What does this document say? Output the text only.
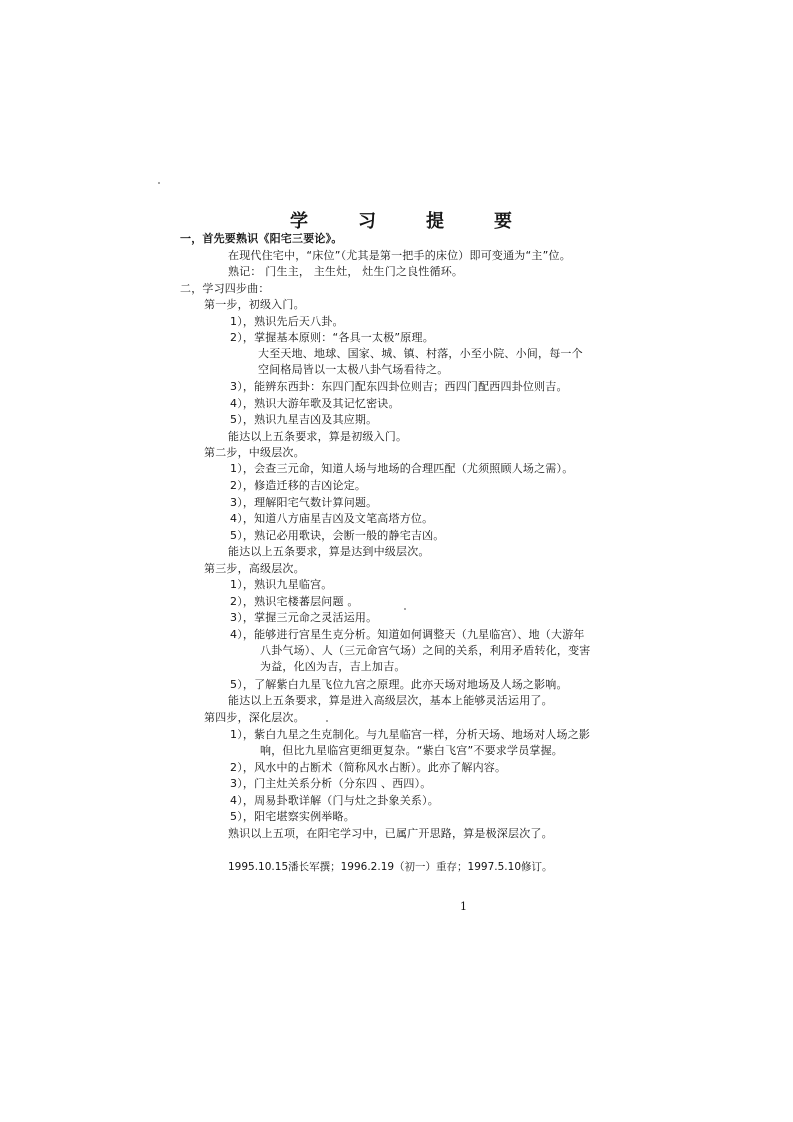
学	习	提	要
一，首先要熟识《阳宅三要论》。
在现代住宅中，“床位”（尤其是第一把手的床位）即可变通为“主”位。
熟记： 门生主， 主生灶， 灶生门之良性循环。
二，学习四步曲：
第一步，初级入门。
1），熟识先后天八卦。
2），掌握基本原则：“各具一太极”原理。
大至天地、地球、国家、城、镇、村落，小至小院、小间，每一个
空间格局皆以一太极八卦气场看待之。
3），能辨东西卦：东四门配东四卦位则吉；西四门配西四卦位则吉。
4），熟识大游年歌及其记忆密诀。
5），熟识九星吉凶及其应期。
能达以上五条要求，算是初级入门。
第二步，中级层次。
1），会查三元命，知道人场与地场的合理匹配（尤须照顾人场之需）。
2），修造迁移的吉凶论定。
3），理解阳宅气数计算问题。
4），知道八方庙星吉凶及文笔高塔方位。
5），熟记必用歌诀，会断一般的静宅吉凶。
能达以上五条要求，算是达到中级层次。
第三步，高级层次。
1），熟识九星临宫。
2），熟识宅楼蕃层问题 。
3），掌握三元命之灵活运用。
4），能够进行宫星生克分析。知道如何调整天（九星临宫）、地（大游年
八卦气场）、人（三元命宫气场）之间的关系，利用矛盾转化，变害
为益，化凶为吉，吉上加吉。
5），了解紫白九星飞位九宫之原理。此亦天场对地场及人场之影响。
能达以上五条要求，算是进入高级层次，基本上能够灵活运用了。
第四步，深化层次。
1），紫白九星之生克制化。与九星临宫一样，分析天场、地场对人场之影
响，但比九星临宫更细更复杂。“紫白飞宫”不要求学员掌握。
2），风水中的占断术（简称风水占断）。此亦了解内容。
3），门主灶关系分析（分东四 、西四）。
4），周易卦歌详解（门与灶之卦象关系）。
5），阳宅堪察实例举略。
熟识以上五项，在阳宅学习中，已属广开思路，算是极深层次了。
1995.10.15潘长军撰；1996.2.19（初一）重存；1997.5.10修订。
1
